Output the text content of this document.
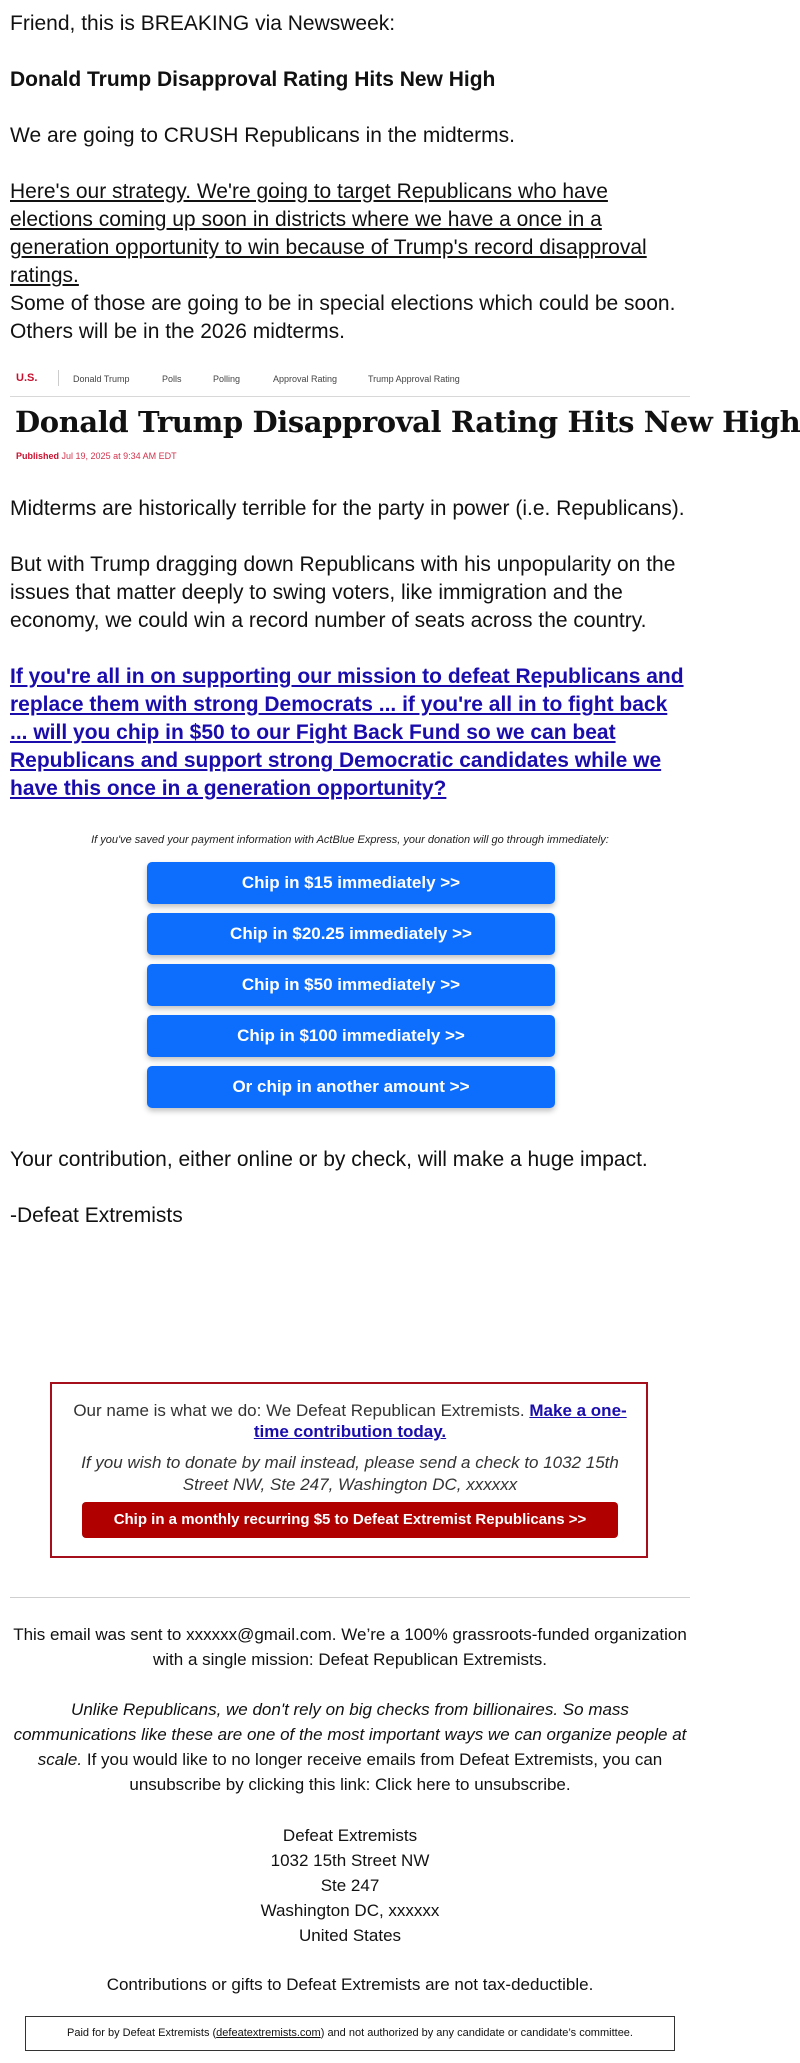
Friend, this is BREAKING via Newsweek:

Donald Trump Disapproval Rating Hits New High

We are going to CRUSH Republicans in the midterms.

Here's our strategy. We're going to target Republicans who have elections coming up soon in districts where we have a once in a generation opportunity to win because of Trump's record disapproval ratings.

Some of those are going to be in special elections which could be soon. Others will be in the 2026 midterms.

U.S.	Donald Trump	Polls	Polling	Approval Rating	Trump Approval Rating
Donald Trump Disapproval Rating Hits New High
Published Jul 19, 2025 at 9:34 AM EDT

Midterms are historically terrible for the party in power (i.e. Republicans).

But with Trump dragging down Republicans with his unpopularity on the issues that matter deeply to swing voters, like immigration and the economy, we could win a record number of seats across the country.

If you're all in on supporting our mission to defeat Republicans and replace them with strong Democrats ... if you're all in to fight back ... will you chip in $50 to our Fight Back Fund so we can beat Republicans and support strong Democratic candidates while we have this once in a generation opportunity?

If you've saved your payment information with ActBlue Express, your donation will go through immediately:
Chip in $15 immediately >>
Chip in $20.25 immediately >>
Chip in $50 immediately >>
Chip in $100 immediately >>
Or chip in another amount >>

Your contribution, either online or by check, will make a huge impact.

-Defeat Extremists

Our name is what we do: We Defeat Republican Extremists. Make a one-time contribution today.
If you wish to donate by mail instead, please send a check to 1032 15th Street NW, Ste 247, Washington DC, xxxxxx
Chip in a monthly recurring $5 to Defeat Extremist Republicans >>

This email was sent to xxxxxx@gmail.com. We’re a 100% grassroots-funded organization with a single mission: Defeat Republican Extremists.

Unlike Republicans, we don't rely on big checks from billionaires. So mass communications like these are one of the most important ways we can organize people at scale. If you would like to no longer receive emails from Defeat Extremists, you can unsubscribe by clicking this link: Click here to unsubscribe.

Defeat Extremists

1032 15th Street NW

Ste 247

Washington DC, xxxxxx

United States

Contributions or gifts to Defeat Extremists are not tax-deductible.

Paid for by Defeat Extremists (defeatextremists.com) and not authorized by any candidate or candidate’s committee.
